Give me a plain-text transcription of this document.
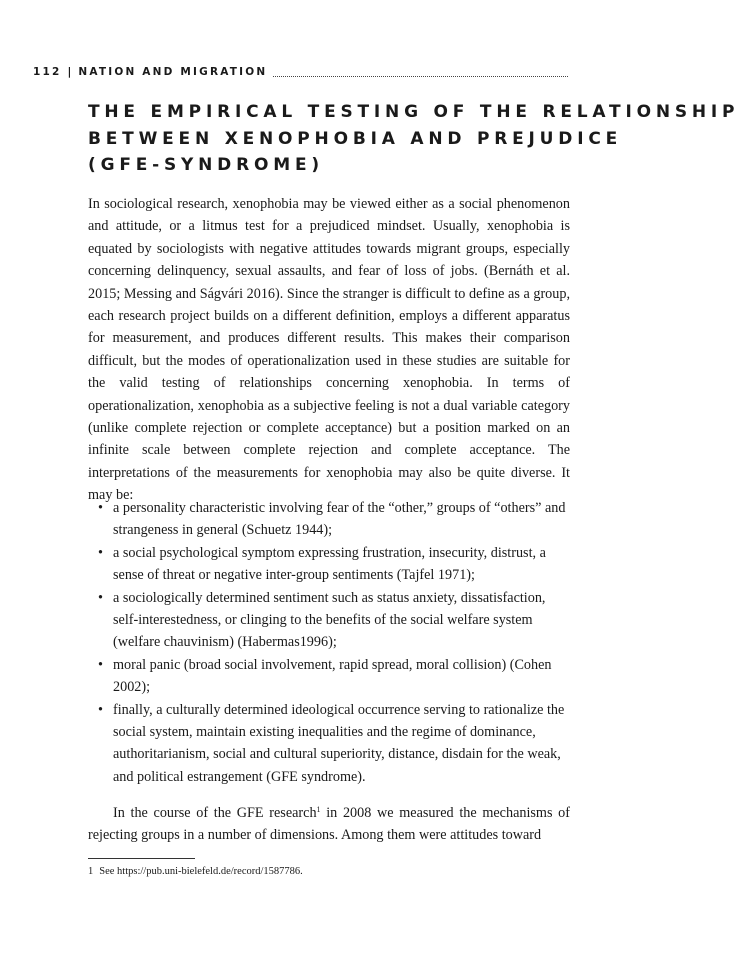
112 | NATION AND MIGRATION
THE EMPIRICAL TESTING OF THE RELATIONSHIP
BETWEEN XENOPHOBIA AND PREJUDICE
(GFE-SYNDROME)

In sociological research, xenophobia may be viewed either as a social phenomenon and attitude, or a litmus test for a prejudiced mindset. Usually, xenophobia is equated by sociologists with negative attitudes towards migrant groups, especially concerning delinquency, sexual assaults, and fear of loss of jobs. (Bernáth et al. 2015; Messing and Ságvári 2016). Since the stranger is difficult to define as a group, each research project builds on a different definition, employs a different apparatus for measurement, and produces different results. This makes their comparison difficult, but the modes of operationalization used in these studies are suitable for the valid testing of relationships concerning xenophobia. In terms of operationalization, xenophobia as a subjective feeling is not a dual variable category (unlike complete rejection or complete acceptance) but a position marked on an infinite scale between complete rejection and complete acceptance. The interpretations of the measurements for xenophobia may also be quite diverse. It may be:

• a personality characteristic involving fear of the “other,” groups of “others” and strangeness in general (Schuetz 1944);
• a social psychological symptom expressing frustration, insecurity, distrust, a sense of threat or negative inter-group sentiments (Tajfel 1971);
• a sociologically determined sentiment such as status anxiety, dissatisfaction, self-interestedness, or clinging to the benefits of the social welfare system (welfare chauvinism) (Habermas1996);
• moral panic (broad social involvement, rapid spread, moral collision) (Cohen 2002);
• finally, a culturally determined ideological occurrence serving to rationalize the social system, maintain existing inequalities and the regime of dominance, authoritarianism, social and cultural superiority, distance, disdain for the weak, and political estrangement (GFE syndrome).

In the course of the GFE research$^1$ in 2008 we measured the mechanisms of rejecting groups in a number of dimensions. Among them were attitudes toward

1 See https://pub.uni-bielefeld.de/record/1587786.
